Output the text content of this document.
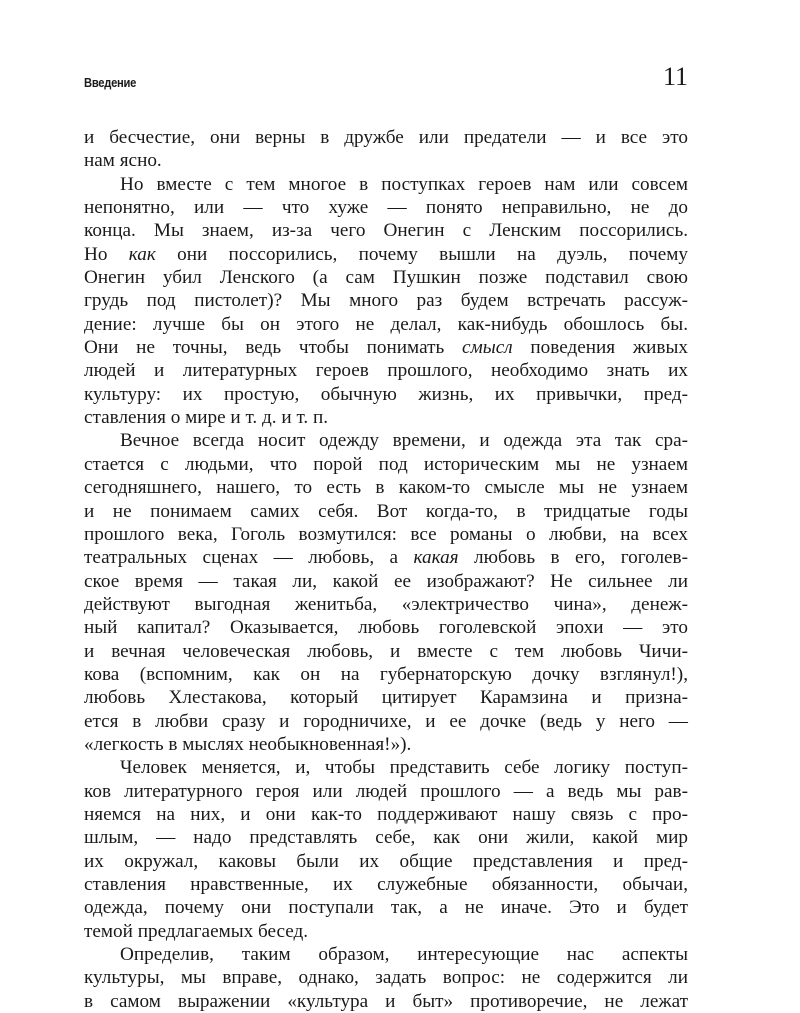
Введение	11
и бесчестие, они верны в дружбе или предатели — и все это
нам ясно.
Но вместе с тем многое в поступках героев нам или совсем
непонятно, или — что хуже — понято неправильно, не до
конца. Мы знаем, из-за чего Онегин с Ленским поссорились.
Но как они поссорились, почему вышли на дуэль, почему
Онегин убил Ленского (а сам Пушкин позже подставил свою
грудь под пистолет)? Мы много раз будем встречать рассуж-
дение: лучше бы он этого не делал, как-нибудь обошлось бы.
Они не точны, ведь чтобы понимать смысл поведения живых
людей и литературных героев прошлого, необходимо знать их
культуру: их простую, обычную жизнь, их привычки, пред-
ставления о мире и т. д. и т. п.
Вечное всегда носит одежду времени, и одежда эта так сра-
стается с людьми, что порой под историческим мы не узнаем
сегодняшнего, нашего, то есть в каком-то смысле мы не узнаем
и не понимаем самих себя. Вот когда-то, в тридцатые годы
прошлого века, Гоголь возмутился: все романы о любви, на всех
театральных сценах — любовь, а какая любовь в его, гоголев-
ское время — такая ли, какой ее изображают? Не сильнее ли
действуют выгодная женитьба, «электричество чина», денеж-
ный капитал? Оказывается, любовь гоголевской эпохи — это
и вечная человеческая любовь, и вместе с тем любовь Чичи-
кова (вспомним, как он на губернаторскую дочку взглянул!),
любовь Хлестакова, который цитирует Карамзина и призна-
ется в любви сразу и городничихе, и ее дочке (ведь у него —
«легкость в мыслях необыкновенная!»).
Человек меняется, и, чтобы представить себе логику поступ-
ков литературного героя или людей прошлого — а ведь мы рав-
няемся на них, и они как-то поддерживают нашу связь с про-
шлым, — надо представлять себе, как они жили, какой мир
их окружал, каковы были их общие представления и пред-
ставления нравственные, их служебные обязанности, обычаи,
одежда, почему они поступали так, а не иначе. Это и будет
темой предлагаемых бесед.
Определив, таким образом, интересующие нас аспекты
культуры, мы вправе, однако, задать вопрос: не содержится ли
в самом выражении «культура и быт» противоречие, не лежат
